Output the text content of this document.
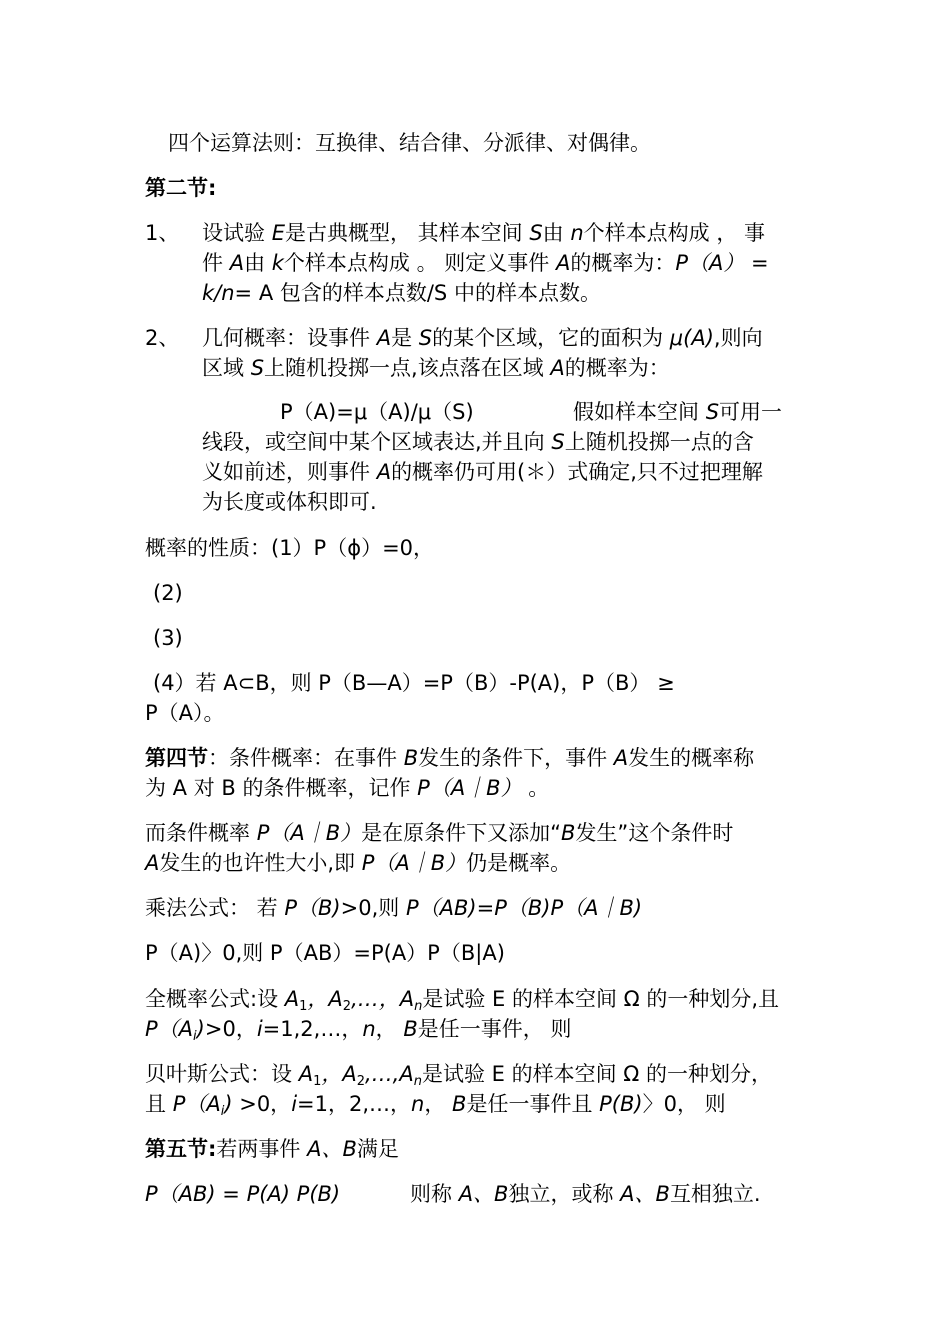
四个运算法则：互换律、结合律、分派律、对偶律。
第二节:
1、 设试验 E是古典概型， 其样本空间 S由 n个样本点构成 ， 事
件 A由 k个样本点构成 。 则定义事件 A的概率为：P（A） =
k/n= A 包含的样本点数/S 中的样本点数。
2、 几何概率：设事件 A是 S的某个区域，它的面积为 μ(A),则向
区域 S上随机投掷一点,该点落在区域 A的概率为：
P（A)=μ（A)/μ（S)	假如样本空间 S可用一
线段，或空间中某个区域表达,并且向 S上随机投掷一点的含
义如前述，则事件 A的概率仍可用(＊）式确定,只不过把理解
为长度或体积即可.
概率的性质：(1）P（ϕ）=0，
(2)
(3)
(4）若 A⊂B，则 P（B—A）=P（B）-P(A)，P（B） ≥
P（A）。
第四节：条件概率：在事件 B发生的条件下，事件 A发生的概率称
为 A 对 B 的条件概率，记作 P（A｜B） 。
而条件概率 P（A｜B）是在原条件下又添加“B发生”这个条件时
A发生的也许性大小,即 P（A｜B）仍是概率。
乘法公式： 若 P（B)>0,则 P（AB)=P（B)P（A｜B)
P（A)〉0,则 P（AB）=P(A）P（B|A)
全概率公式:设 $A_1$，$A_2,\dots$，$A_n$是试验 E 的样本空间 Ω 的一种划分,且
$P(A_i)>0$，i=1,2,…，n， B是任一事件， 则
贝叶斯公式：设 $A_1$，$A_2,\dots,A_n$是试验 E 的样本空间 Ω 的一种划分，
且 $P(A_i) >0$，i=1，2,…，n， B是任一事件且 P(B)〉0， 则
第五节:若两事件 A、B满足
P（AB) = P(A) P(B)	则称 A、B独立，或称 A、B互相独立.
